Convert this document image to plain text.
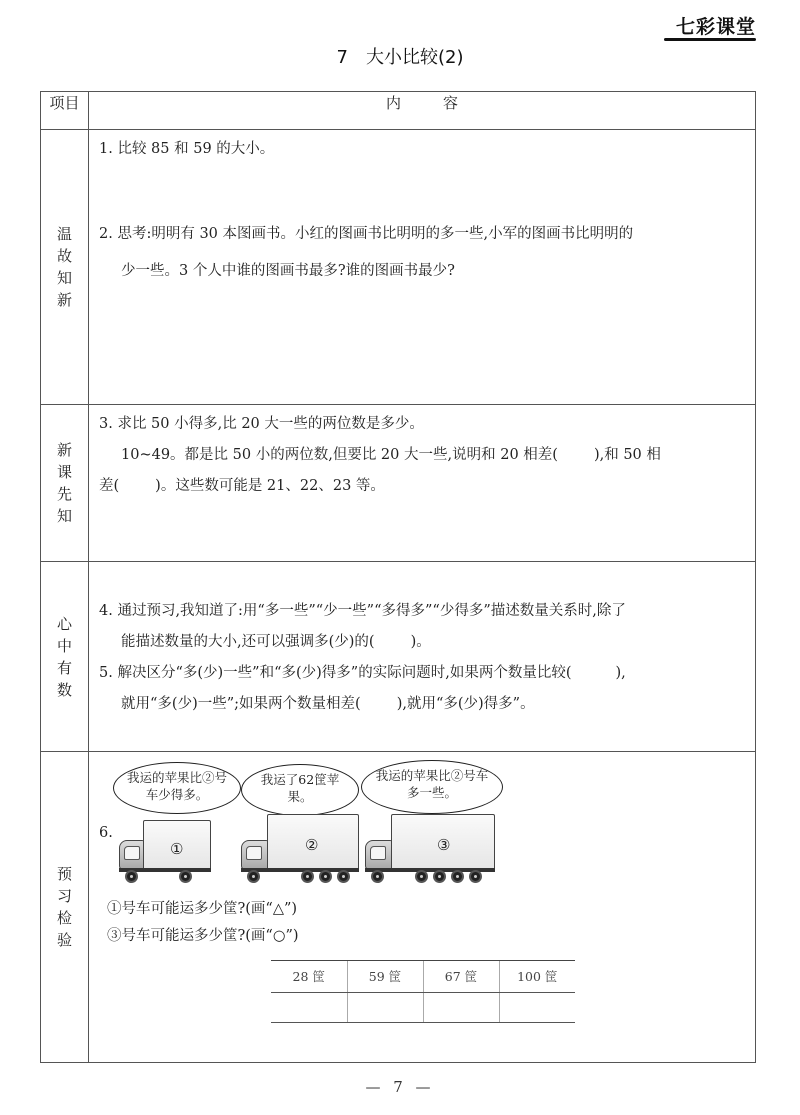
七彩课堂
7 大小比较(2)
项目	内容

温
故
知
新

1. 比较 85 和 59 的大小。

2. 思考:明明有 30 本图画书。小红的图画书比明明的多一些,小军的图画书比明明的

少一些。3 个人中谁的图画书最多?谁的图画书最少?

新
课
先
知

3. 求比 50 小得多,比 20 大一些的两位数是多少。

10~49。都是比 50 小的两位数,但要比 20 大一些,说明和 20 相差( ),和 50 相

差( )。这些数可能是 21、22、23 等。

心
中
有
数

4. 通过预习,我知道了:用“多一些”“少一些”“多得多”“少得多”描述数量关系时,除了

能描述数量的大小,还可以强调多(少)的( )。

5. 解决区分“多(少)一些”和“多(少)得多”的实际问题时,如果两个数量比较(	),

就用“多(少)一些”;如果两个数量相差( ),就用“多(少)得多”。

预
习
检
验

6.
我运的苹果比②号车少得多。
我运了62筐苹果。
我运的苹果比②号车多一些。
①	②	③
①号车可能运多少筐?(画“△”)
③号车可能运多少筐?(画“○”)
28 筐	59 筐	67 筐	100 筐

— 7 —
